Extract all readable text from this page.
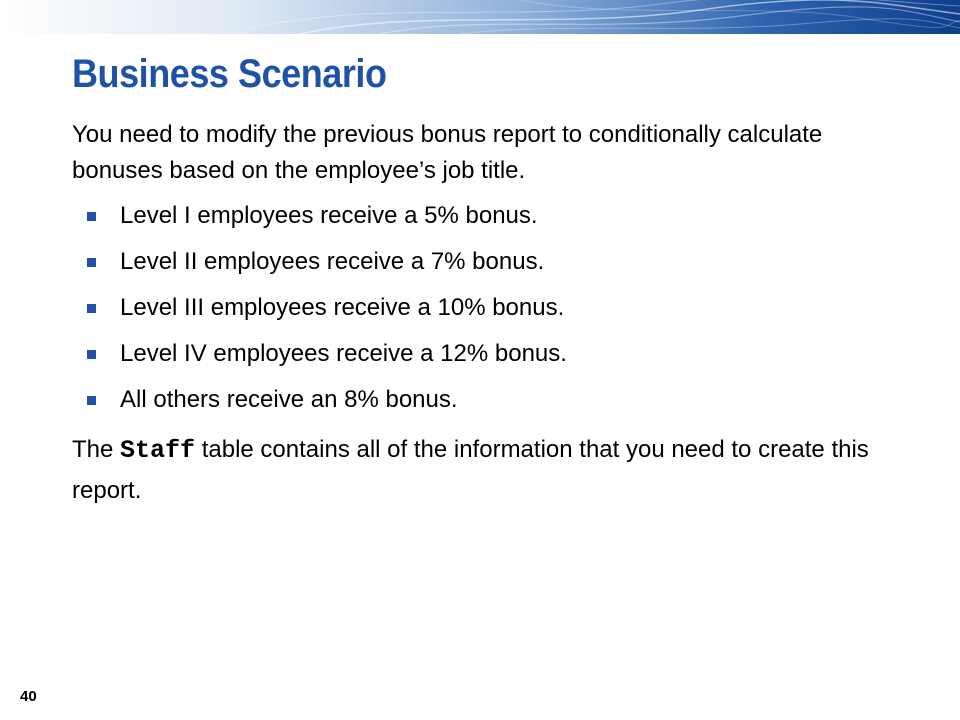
Business Scenario

You need to modify the previous bonus report to conditionally calculate bonuses based on the employee’s job title.

Level I employees receive a 5% bonus.
Level II employees receive a 7% bonus.
Level III employees receive a 10% bonus.
Level IV employees receive a 12% bonus.
All others receive an 8% bonus.

The Staff table contains all of the information that you need to create this report.

40
